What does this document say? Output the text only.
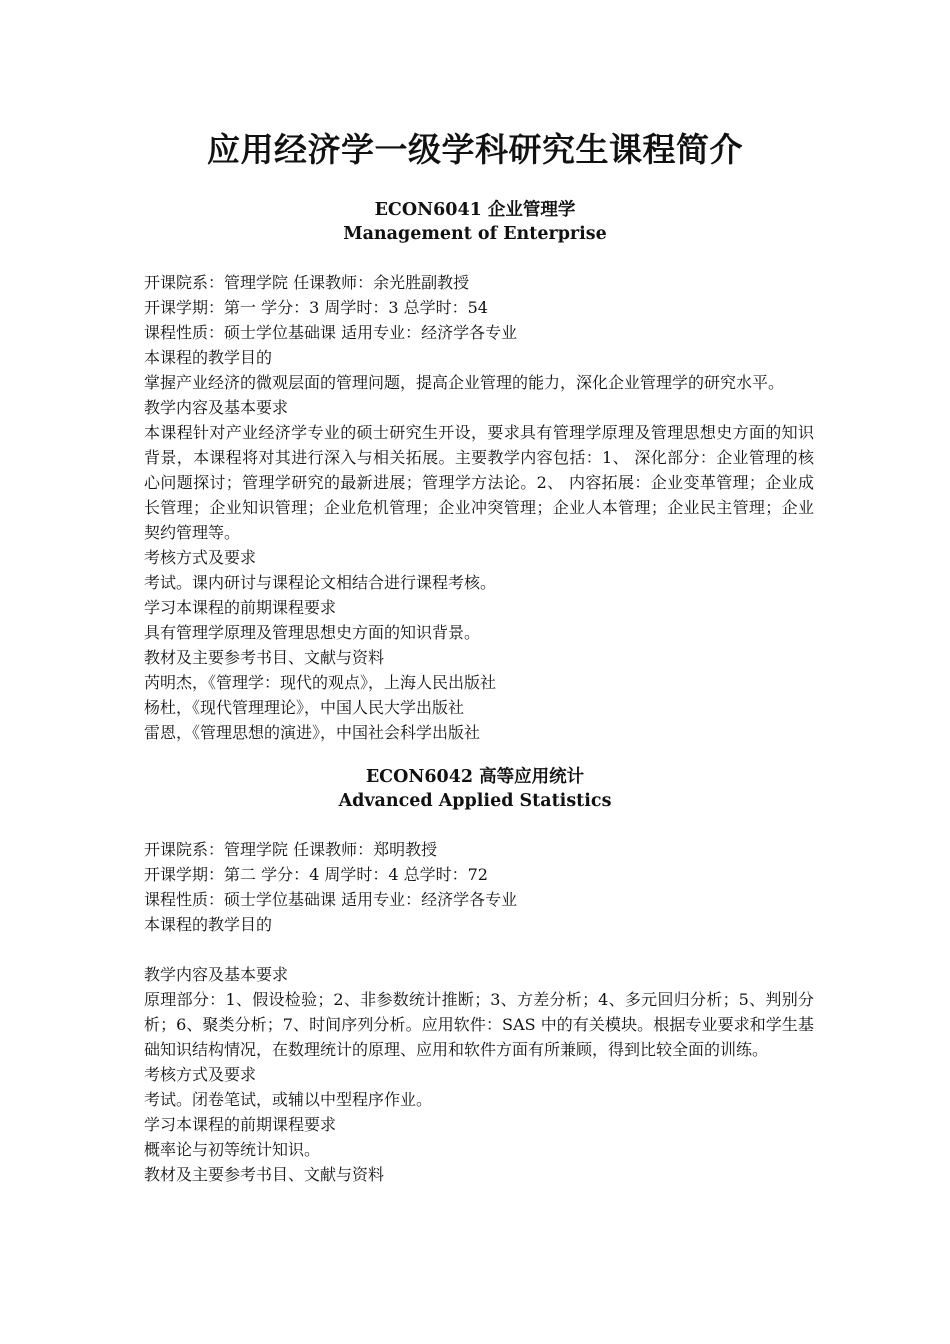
应用经济学一级学科研究生课程简介
ECON6041 企业管理学
Management of Enterprise
开课院系：管理学院 任课教师：余光胜副教授
开课学期：第一 学分：3 周学时：3 总学时：54
课程性质：硕士学位基础课 适用专业：经济学各专业
本课程的教学目的
掌握产业经济的微观层面的管理问题，提高企业管理的能力，深化企业管理学的研究水平。
教学内容及基本要求
本课程针对产业经济学专业的硕士研究生开设，要求具有管理学原理及管理思想史方面的知识背景，本课程将对其进行深入与相关拓展。主要教学内容包括：1、 深化部分：企业管理的核心问题探讨；管理学研究的最新进展；管理学方法论。2、 内容拓展：企业变革管理；企业成长管理；企业知识管理；企业危机管理；企业冲突管理；企业人本管理；企业民主管理；企业契约管理等。
考核方式及要求
考试。课内研讨与课程论文相结合进行课程考核。
学习本课程的前期课程要求
具有管理学原理及管理思想史方面的知识背景。
教材及主要参考书目、文献与资料
芮明杰，《管理学：现代的观点》，上海人民出版社
杨杜，《现代管理理论》，中国人民大学出版社
雷恩，《管理思想的演进》，中国社会科学出版社
ECON6042 高等应用统计
Advanced Applied Statistics
开课院系：管理学院 任课教师：郑明教授
开课学期：第二 学分：4 周学时：4 总学时：72
课程性质：硕士学位基础课 适用专业：经济学各专业
本课程的教学目的
教学内容及基本要求
原理部分：1、假设检验；2、非参数统计推断；3、方差分析；4、多元回归分析；5、判别分析；6、聚类分析；7、时间序列分析。应用软件：SAS 中的有关模块。根据专业要求和学生基础知识结构情况，在数理统计的原理、应用和软件方面有所兼顾，得到比较全面的训练。
考核方式及要求
考试。闭卷笔试，或辅以中型程序作业。
学习本课程的前期课程要求
概率论与初等统计知识。
教材及主要参考书目、文献与资料
